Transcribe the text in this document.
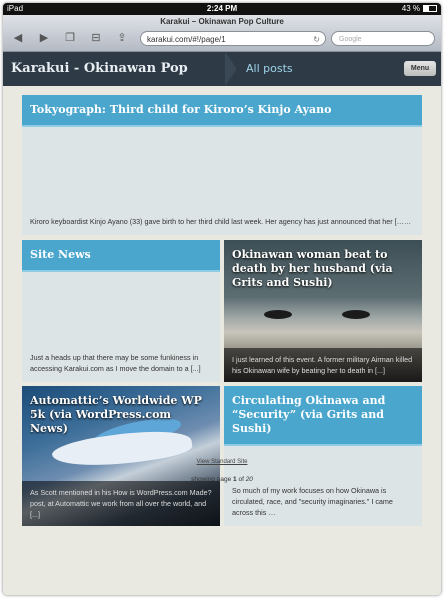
iPad	2:24 PM	43 %
Karakui – Okinawan Pop Culture
◀ ▶ ❐ ⊟ ⇪	karakui.com/#!/page/1	↻	Google
Karakui - Okinawan Pop	All posts	Menu
Tokyograph: Third child for Kiroro’s Kinjo Ayano
Kiroro keyboardist Kinjo Ayano (33) gave birth to her third child last week. Her agency has just announced that her [……
Site News
Just a heads up that there may be some funkiness in accessing Karakui.com as I move the domain to a [...]
Okinawan woman beat to death by her husband (via Grits and Sushi)
I just learned of this event. A former military Airman killed his Okinawan wife by beating her to death in [...]
Automattic’s Worldwide WP 5k (via WordPress.com News)
As Scott mentioned in his How is WordPress.com Made? post, at Automattic we work from all over the world, and [...]
Circulating Okinawa and “Security” (via Grits and Sushi)
So much of my work focuses on how Okinawa is circulated, race, and "security imaginaries." I came across this …
View Standard Site
showing page 1 of 20
